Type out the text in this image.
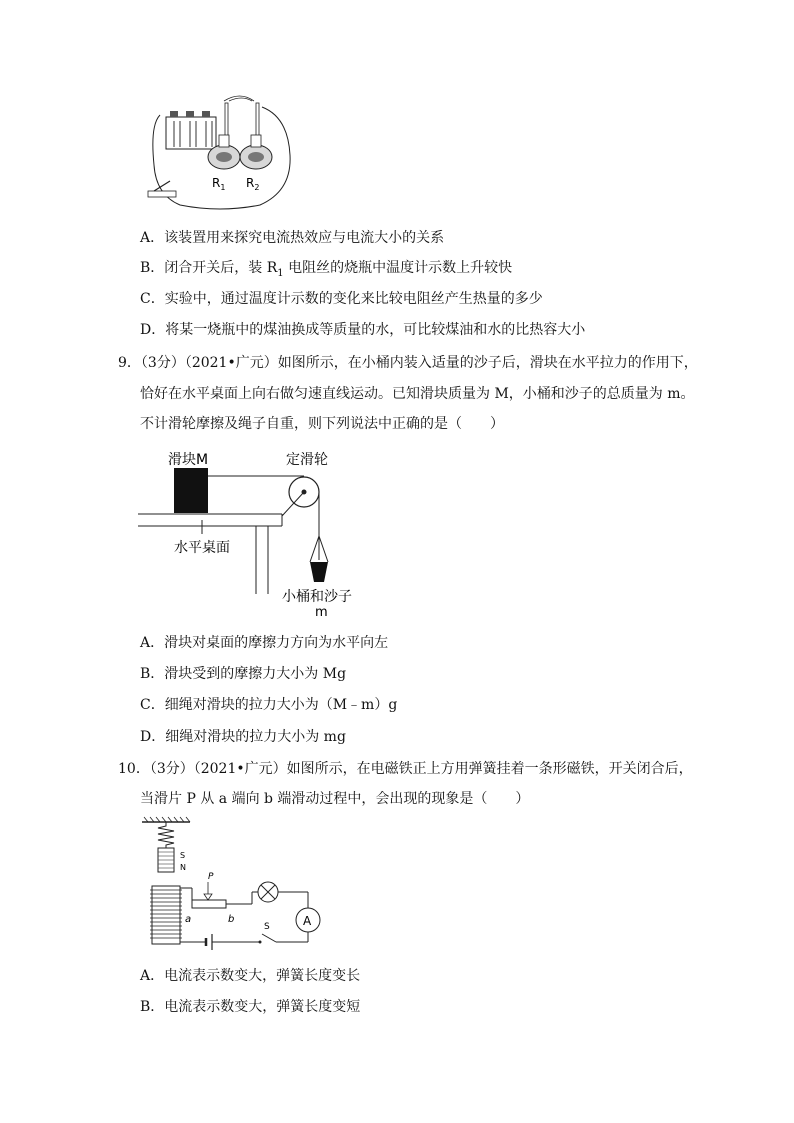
$R_1$ $R_2$
A．该装置用来探究电流热效应与电流大小的关系
B．闭合开关后，装 $R_1$ 电阻丝的烧瓶中温度计示数上升较快
C．实验中，通过温度计示数的变化来比较电阻丝产生热量的多少
D．将某一烧瓶中的煤油换成等质量的水，可比较煤油和水的比热容大小
9．（3分）（2021•广元）如图所示，在小桶内装入适量的沙子后，滑块在水平拉力的作用下，
恰好在水平桌面上向右做匀速直线运动。已知滑块质量为 M，小桶和沙子的总质量为 m。
不计滑轮摩擦及绳子自重，则下列说法中正确的是（　　）
滑块M	定滑轮
水平桌面
小桶和沙子
m
A．滑块对桌面的摩擦力方向为水平向左
B．滑块受到的摩擦力大小为 Mg
C．细绳对滑块的拉力大小为（M﹣m）g
D．细绳对滑块的拉力大小为 mg
10．（3分）（2021•广元）如图所示，在电磁铁正上方用弹簧挂着一条形磁铁，开关闭合后，
当滑片 P 从 a 端向 b 端滑动过程中，会出现的现象是（　　）
S
N
P
a	b	A
S
A．电流表示数变大，弹簧长度变长
B．电流表示数变大，弹簧长度变短
